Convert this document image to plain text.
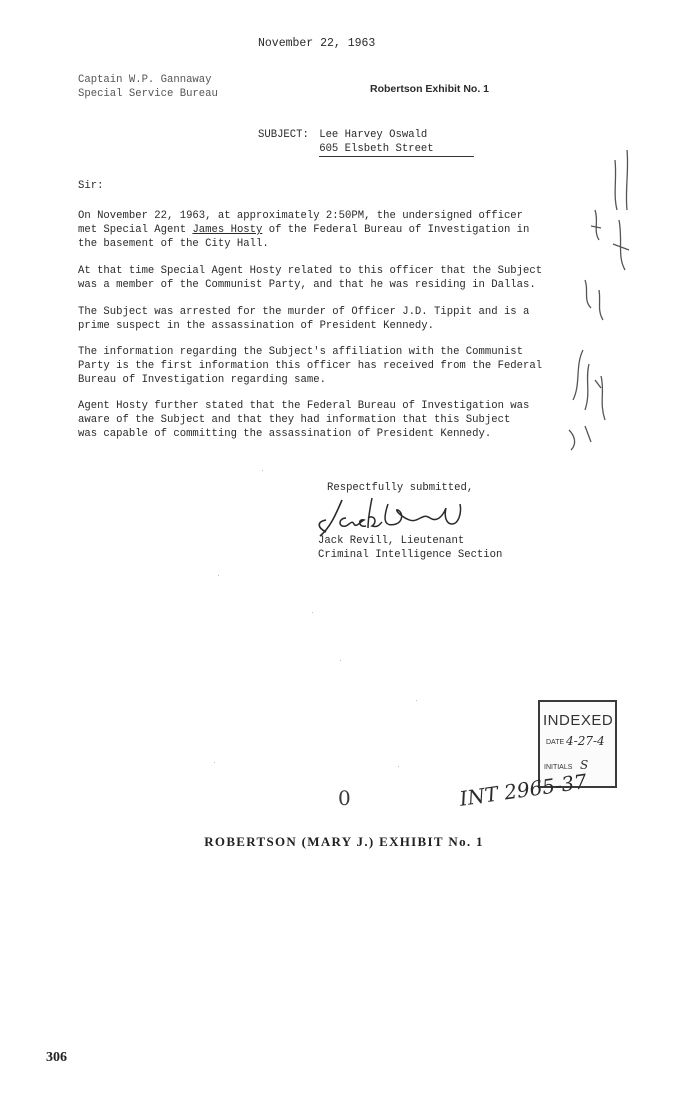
November 22, 1963
Captain W.P. Gannaway
Special Service Bureau	Robertson Exhibit No. 1
SUBJECT: Lee Harvey Oswald
605 Elsbeth Street
Sir:
On November 22, 1963, at approximately 2:50PM, the undersigned officer
met Special Agent James Hosty of the Federal Bureau of Investigation in
the basement of the City Hall.
At that time Special Agent Hosty related to this officer that the Subject
was a member of the Communist Party, and that he was residing in Dallas.
The Subject was arrested for the murder of Officer J.D. Tippit and is a
prime suspect in the assassination of President Kennedy.
The information regarding the Subject's affiliation with the Communist
Party is the first information this officer has received from the Federal
Bureau of Investigation regarding same.
Agent Hosty further stated that the Federal Bureau of Investigation was
aware of the Subject and that they had information that this Subject
was capable of committing the assassination of President Kennedy.
Respectfully submitted,
Jack Revill, Lieutenant
Criminal Intelligence Section
INDEXED
DATE 4-27-4
INITIALS S
0	INT 2965-37
ROBERTSON (MARY J.) EXHIBIT No. 1
306
